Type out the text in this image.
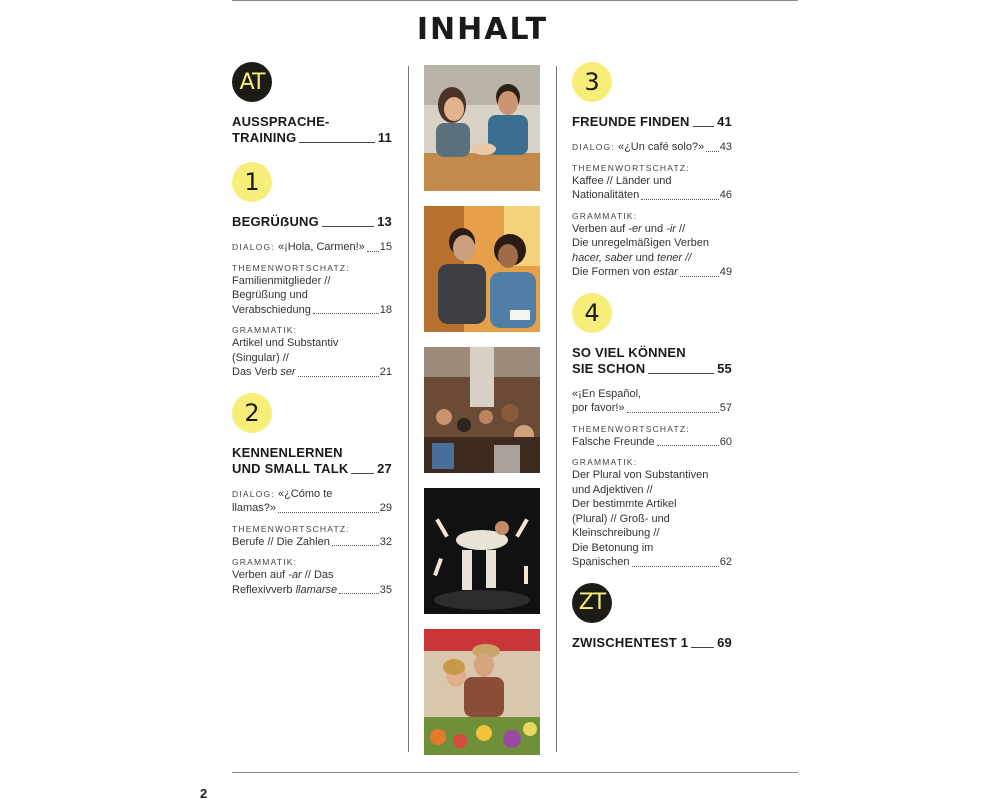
INHALT
AT
AUSSPRACHE-
TRAINING	11
1
BEGRÜẞUNG	13
DIALOG: «¡Hola, Carmen!» 15
THEMENWORTSCHATZ:
Familienmitglieder //
Begrüßung und
Verabschiedung	18
GRAMMATIK:
Artikel und Substantiv
(Singular) //
Das Verb ser	21
2
KENNENLERNEN
UND SMALL TALK 27
DIALOG: «¿Cómo te
llamas?»	29
THEMENWORTSCHATZ:
Berufe // Die Zahlen	32
GRAMMATIK:
Verben auf -ar // Das
Reflexivverb llamarse	35
3
FREUNDE FINDEN 41
DIALOG: «¿Un café solo?» 43
THEMENWORTSCHATZ:
Kaffee // Länder und
Nationalitäten	46
GRAMMATIK:
Verben auf -er und -ir //
Die unregelmäßigen Verben
hacer, saber und tener //
Die Formen von estar	49
4
SO VIEL KÖNNEN
SIE SCHON	55
«¡En Español,
por favor!»	57
THEMENWORTSCHATZ:
Falsche Freunde	60
GRAMMATIK:
Der Plural von Substantiven
und Adjektiven //
Der bestimmte Artikel
(Plural) // Groß- und
Kleinschreibung //
Die Betonung im
Spanischen	62
ZT
ZWISCHENTEST 1 69
2
